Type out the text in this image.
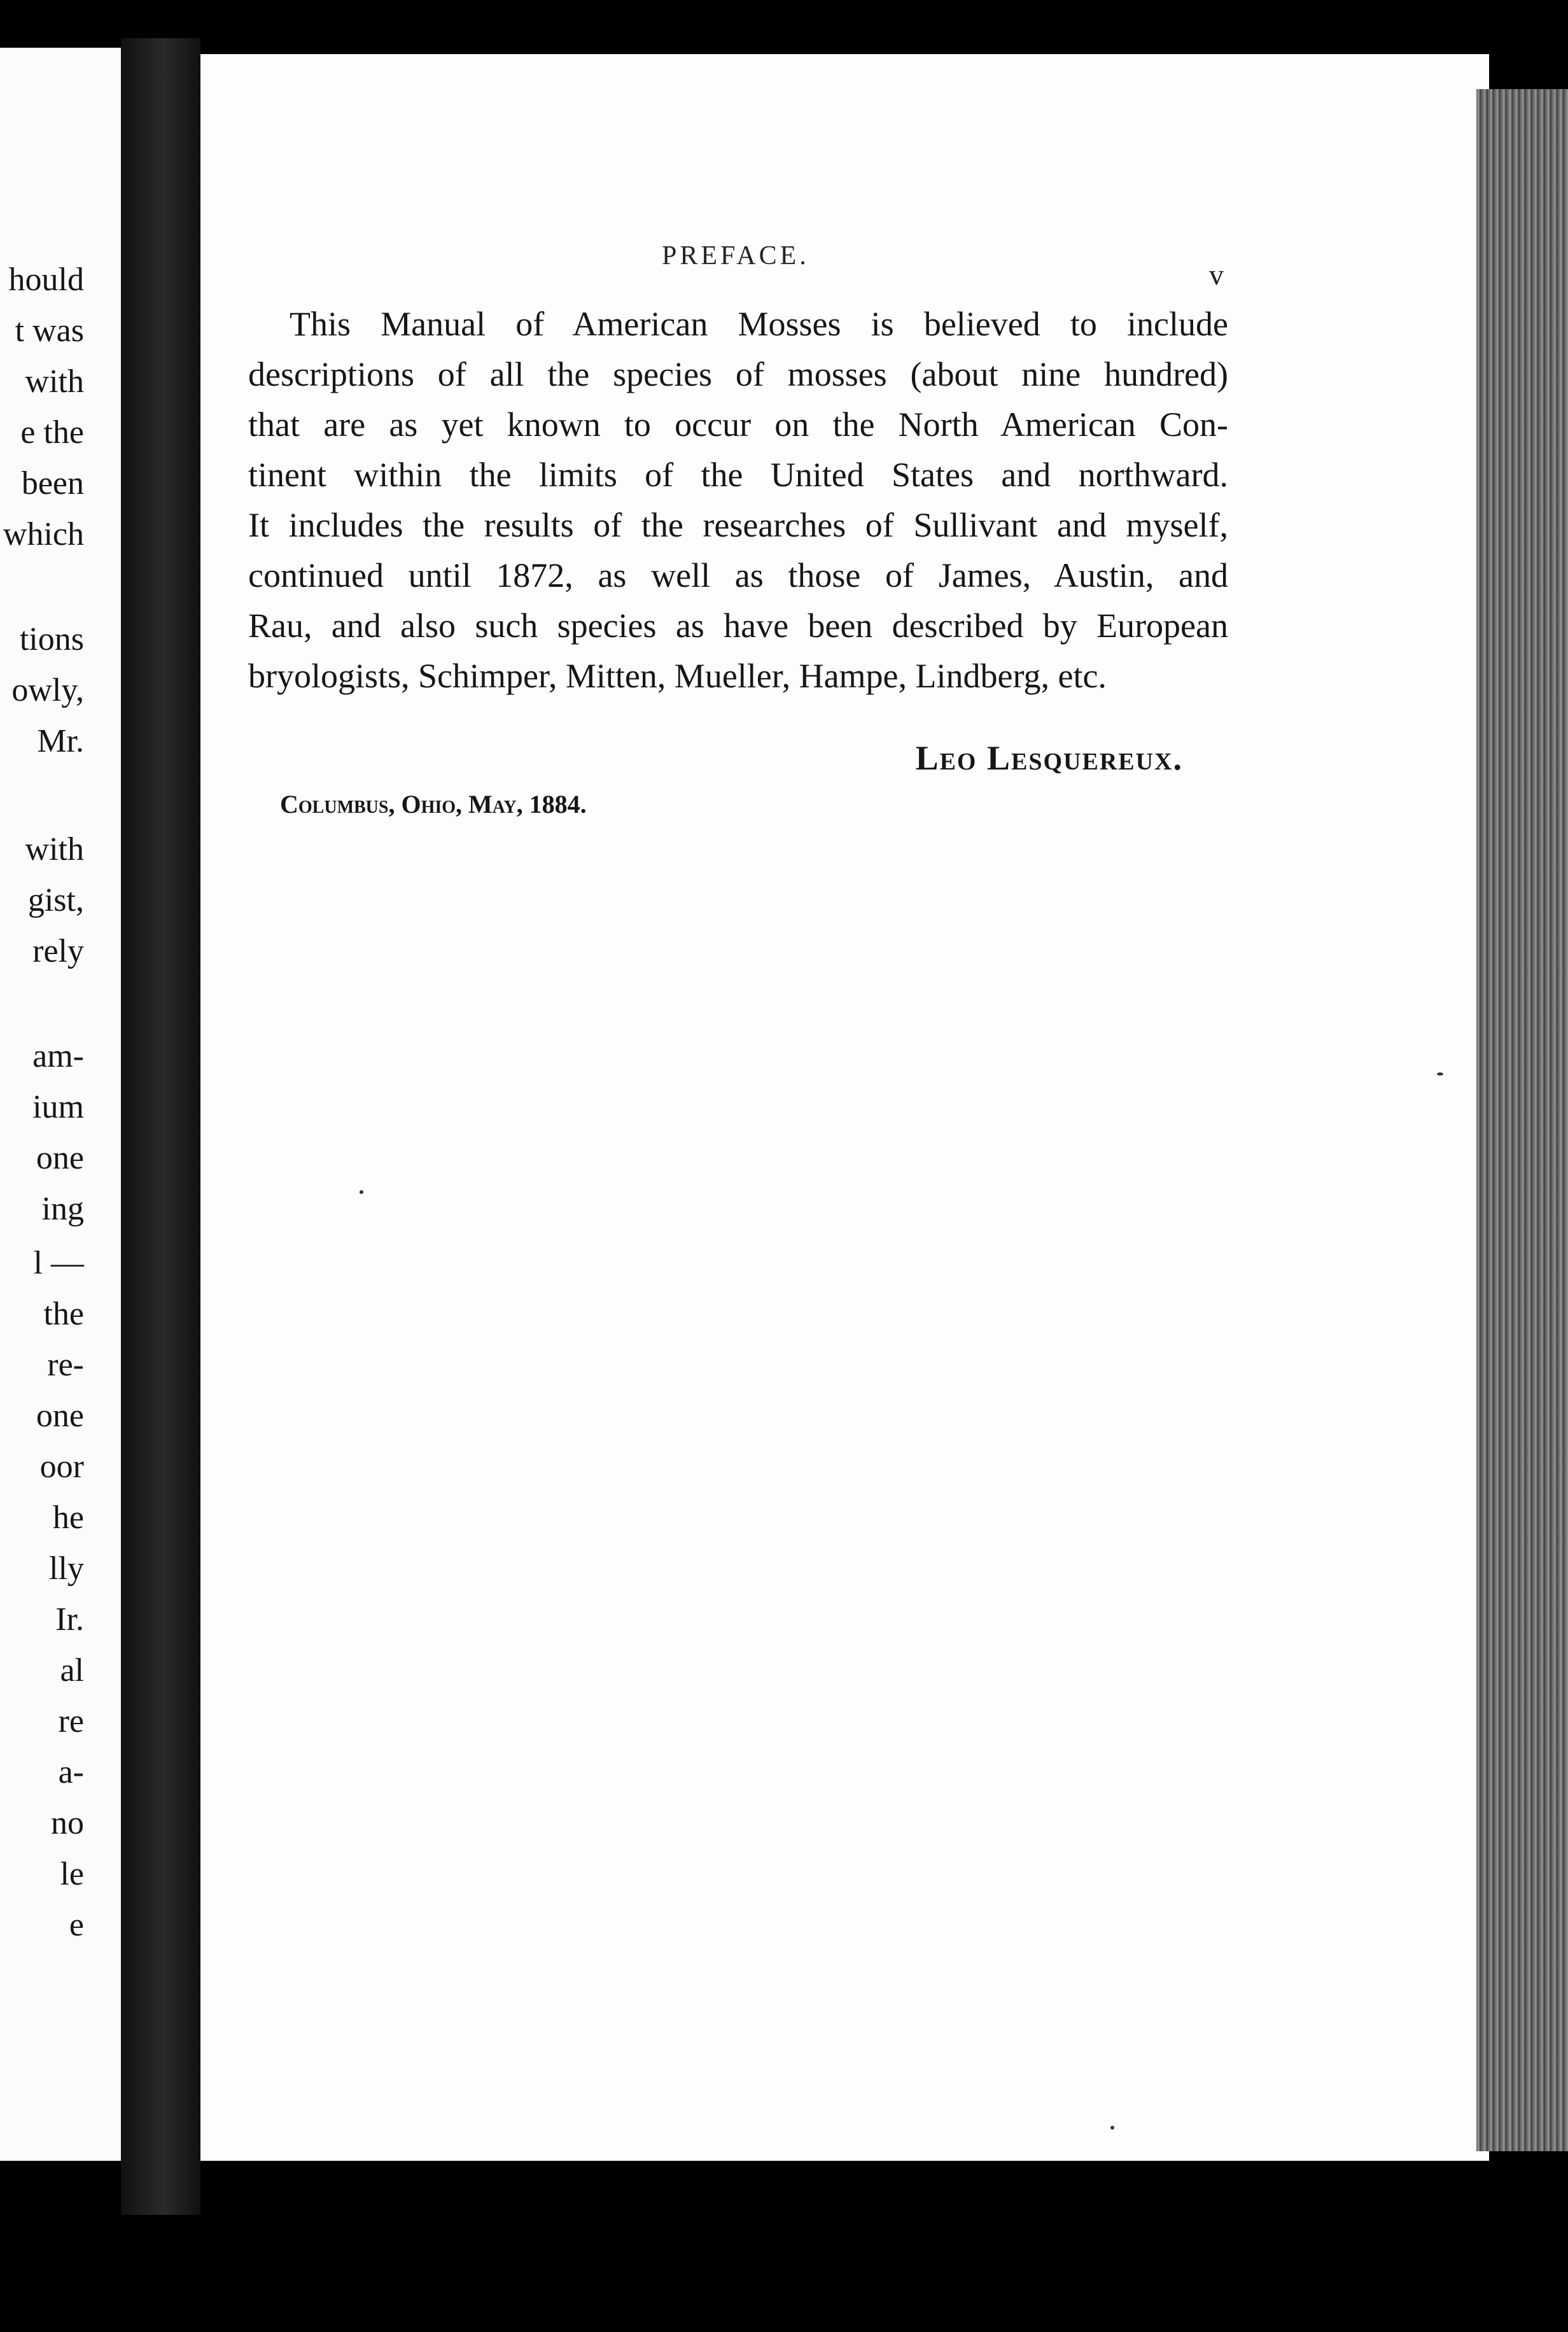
hould
t was
with
e the
been
which
tions
owly,
Mr.
with
gist,
rely
am-
ium
one
ing
l —
the
re-
one
oor
he
lly
Ir.
al
re
a-
no
le
e
PREFACE.
v
This Manual of American Mosses is believed to include
descriptions of all the species of mosses (about nine hundred)
that are as yet known to occur on the North American Con-
tinent within the limits of the United States and northward.
It includes the results of the researches of Sullivant and myself,
continued until 1872, as well as those of James, Austin, and
Rau, and also such species as have been described by European
bryologists, Schimper, Mitten, Mueller, Hampe, Lindberg, etc.
Leo Lesquereux.
Columbus, Ohio, May, 1884.
